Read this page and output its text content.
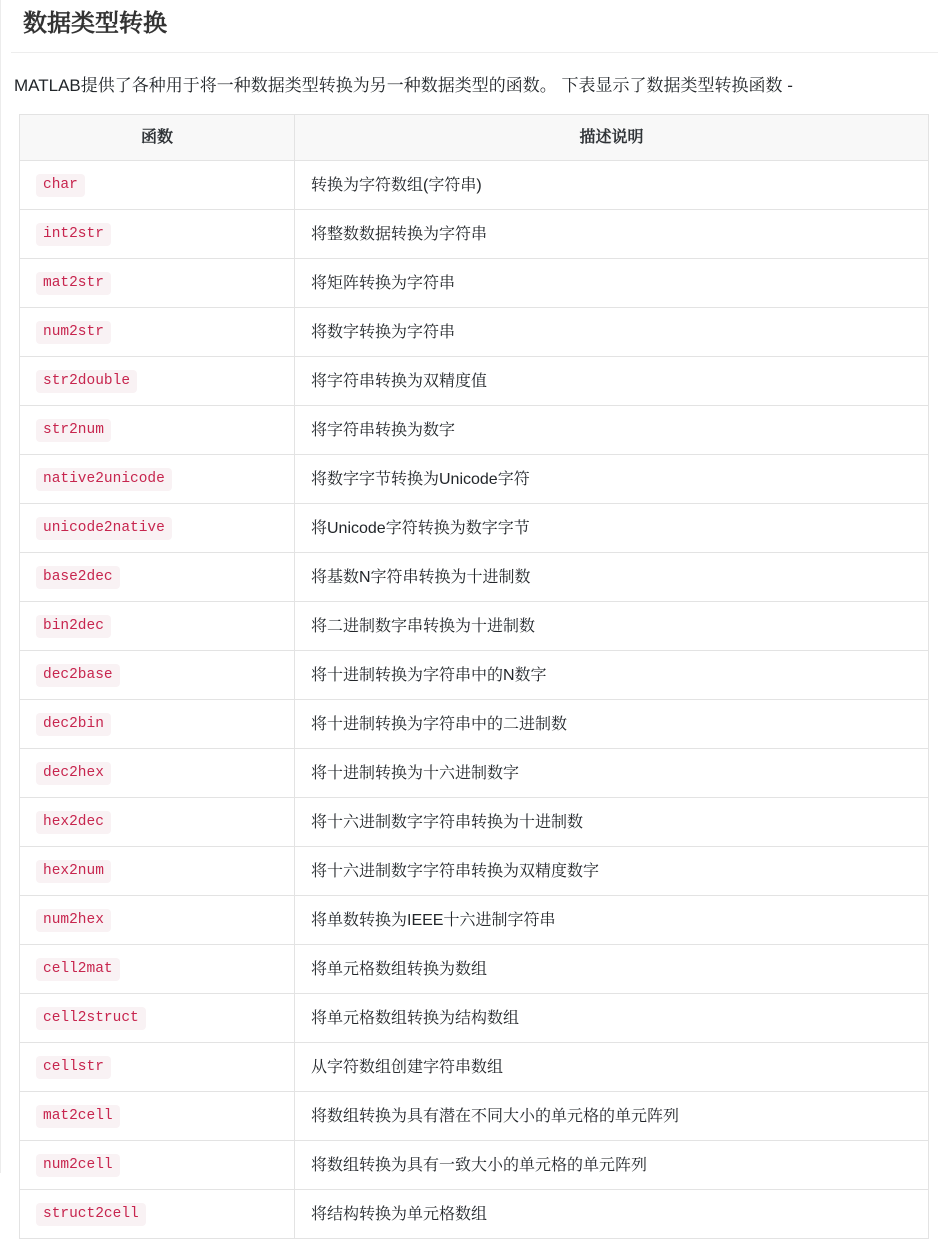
数据类型转换

MATLAB提供了各种用于将一种数据类型转换为另一种数据类型的函数。 下表显示了数据类型转换函数 -

函数	描述说明
char	转换为字符数组(字符串)
int2str	将整数数据转换为字符串
mat2str	将矩阵转换为字符串
num2str	将数字转换为字符串
str2double	将字符串转换为双精度值
str2num	将字符串转换为数字
native2unicode	将数字字节转换为Unicode字符
unicode2native	将Unicode字符转换为数字字节
base2dec	将基数N字符串转换为十进制数
bin2dec	将二进制数字串转换为十进制数
dec2base	将十进制转换为字符串中的N数字
dec2bin	将十进制转换为字符串中的二进制数
dec2hex	将十进制转换为十六进制数字
hex2dec	将十六进制数字字符串转换为十进制数
hex2num	将十六进制数字字符串转换为双精度数字
num2hex	将单数转换为IEEE十六进制字符串
cell2mat	将单元格数组转换为数组
cell2struct	将单元格数组转换为结构数组
cellstr	从字符数组创建字符串数组
mat2cell	将数组转换为具有潜在不同大小的单元格的单元阵列
num2cell	将数组转换为具有一致大小的单元格的单元阵列
struct2cell	将结构转换为单元格数组
